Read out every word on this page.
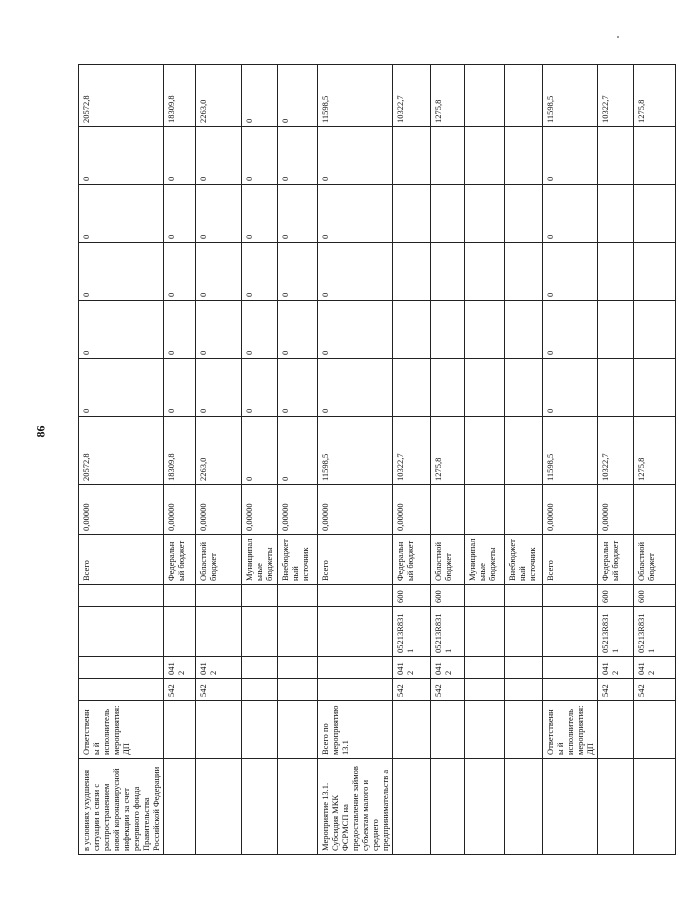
86
в условиях ухудшения ситуации в связи с распространением новой коронавирусной инфекции за счет резервного фонда Правительства Российской Федерации	Ответственны й исполнитель мероприятия: ДП					Всего	0,00000	20572,8	0	0	0	0	0	20572,8
		542	0412			Федеральн ый бюджет	0,00000	18309,8	0	0	0	0	0	18309,8
		542	0412			Областной бюджет	0,00000	2263,0	0	0	0	0	0	2263,0
						Муниципал ьные бюджеты	0,00000	0	0	0	0	0	0	0
						Внебюджет ный источник	0,00000	0	0	0	0	0	0	0
Мероприятие 13.1. Субсидия МКК ФСРМСП на предоставление займов субъектам малого и среднего предпринимательств а	Всего по мероприятию 13.1					Всего	0,00000	11598,5	0	0	0	0	0	11598,5
		542	0412	05213R831 1	600	Федеральн ый бюджет	0,00000	10322,7						10322,7
		542	0412	05213R831 1	600	Областной бюджет		1275,8						1275,8
						Муниципал ьные бюджеты								
						Внебюджет ный источник								
	Ответственны й исполнитель мероприятия: ДП					Всего	0,00000	11598,5	0	0	0	0	0	11598,5
		542	0412	05213R831 1	600	Федеральн ый бюджет	0,00000	10322,7						10322,7
		542	0412	05213R831 1	600	Областной бюджет		1275,8						1275,8
